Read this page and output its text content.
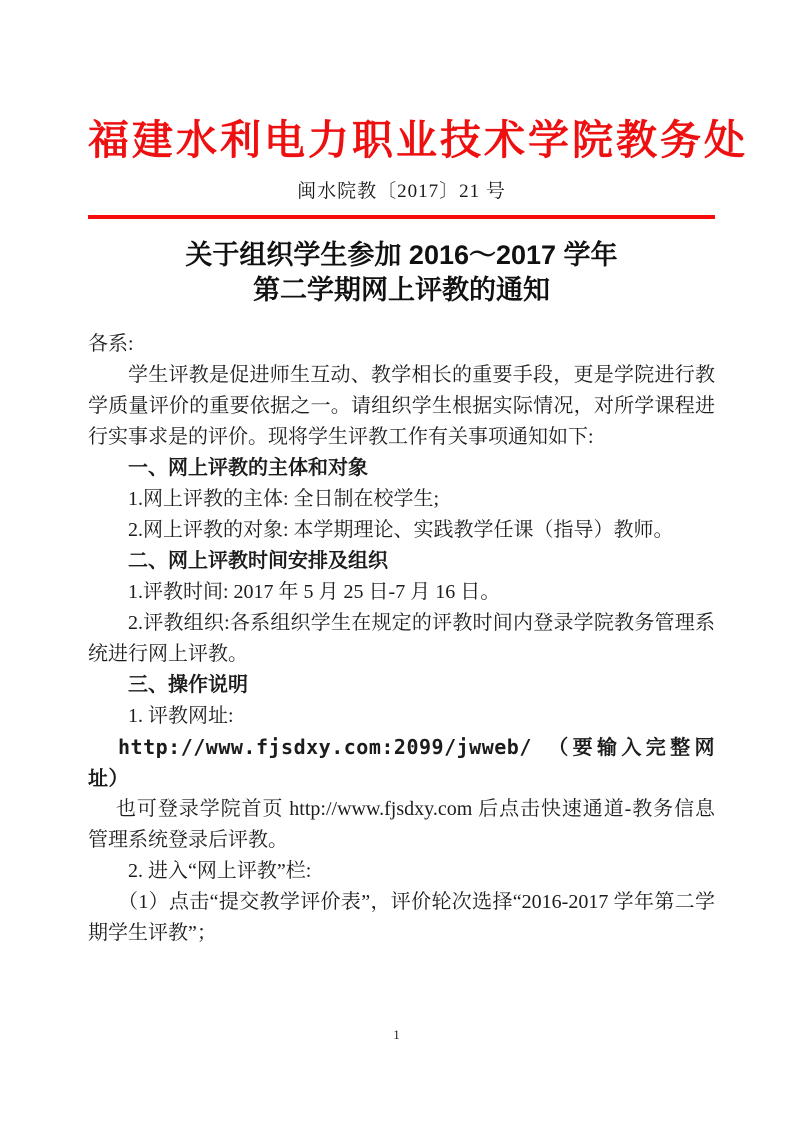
福建水利电力职业技术学院教务处
闽水院教〔2017〕21 号
关于组织学生参加 2016～2017 学年
第二学期网上评教的通知

各系:

学生评教是促进师生互动、教学相长的重要手段，更是学院进行教学质量评价的重要依据之一。请组织学生根据实际情况，对所学课程进行实事求是的评价。现将学生评教工作有关事项通知如下:

一、网上评教的主体和对象

1.网上评教的主体: 全日制在校学生;

2.网上评教的对象: 本学期理论、实践教学任课（指导）教师。

二、网上评教时间安排及组织

1.评教时间: 2017 年 5 月 25 日-7 月 16 日。

2.评教组织:各系组织学生在规定的评教时间内登录学院教务管理系统进行网上评教。

三、操作说明

1. 评教网址:

http://www.fjsdxy.com:2099/jwweb/ （要输入完整网址）

也可登录学院首页 http://www.fjsdxy.com 后点击快速通道-教务信息管理系统登录后评教。

2. 进入“网上评教”栏:

（1）点击“提交教学评价表”，评价轮次选择“2016-2017 学年第二学期学生评教”；

1
